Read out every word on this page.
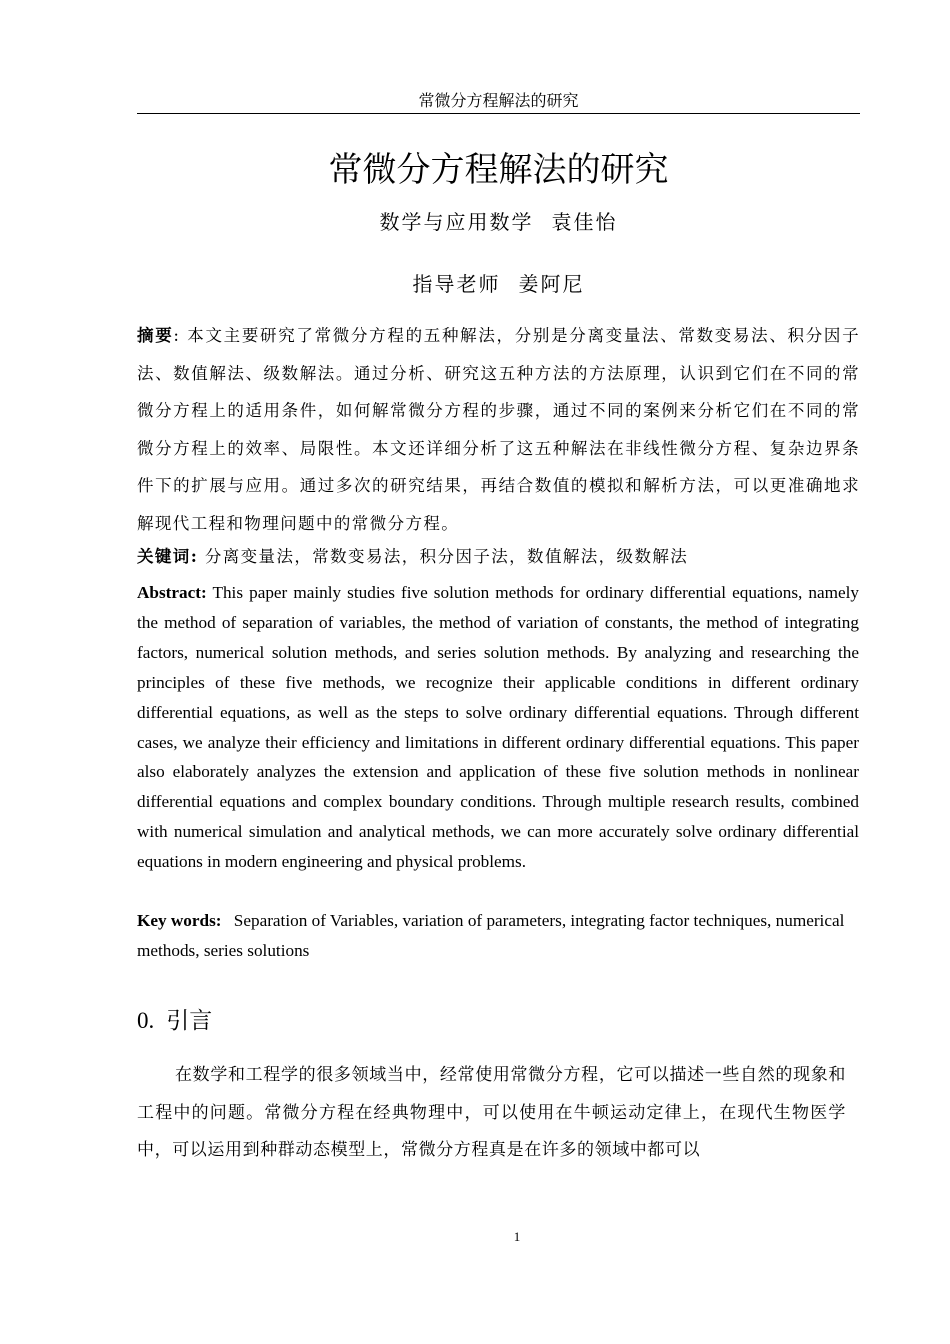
常微分方程解法的研究
常微分方程解法的研究
数学与应用数学 袁佳怡
指导老师 姜阿尼

摘要: 本文主要研究了常微分方程的五种解法，分别是分离变量法、常数变易法、积分因子法、数值解法、级数解法。通过分析、研究这五种方法的方法原理，认识到它们在不同的常微分方程上的适用条件，如何解常微分方程的步骤，通过不同的案例来分析它们在不同的常微分方程上的效率、局限性。本文还详细分析了这五种解法在非线性微分方程、复杂边界条件下的扩展与应用。通过多次的研究结果，再结合数值的模拟和解析方法，可以更准确地求解现代工程和物理问题中的常微分方程。

关键词: 分离变量法，常数变易法，积分因子法，数值解法，级数解法

Abstract: This paper mainly studies five solution methods for ordinary differential equations, namely the method of separation of variables, the method of variation of constants, the method of integrating factors, numerical solution methods, and series solution methods. By analyzing and researching the principles of these five methods, we recognize their applicable conditions in different ordinary differential equations, as well as the steps to solve ordinary differential equations. Through different cases, we analyze their efficiency and limitations in different ordinary differential equations. This paper also elaborately analyzes the extension and application of these five solution methods in nonlinear differential equations and complex boundary conditions. Through multiple research results, combined with numerical simulation and analytical methods, we can more accurately solve ordinary differential equations in modern engineering and physical problems.

Key words: Separation of Variables, variation of parameters, integrating factor techniques, numerical methods, series solutions

0. 引言

在数学和工程学的很多领域当中，经常使用常微分方程，它可以描述一些自然的现象和工程中的问题。常微分方程在经典物理中，可以使用在牛顿运动定律上，在现代生物医学中，可以运用到种群动态模型上，常微分方程真是在许多的领域中都可以

1
